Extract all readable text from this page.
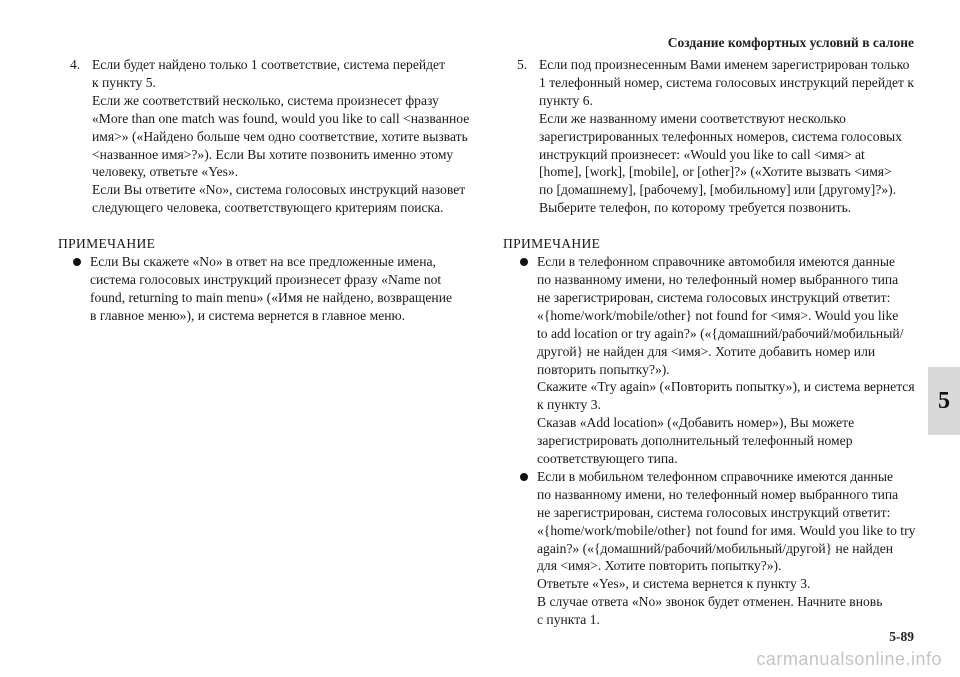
Создание комфортных условий в салоне
4. Если будет найдено только 1 соответствие, система перейдет
к пункту 5.
Если же соответствий несколько, система произнесет фразу
«More than one match was found, would you like to call <названное
имя>» («Найдено больше чем одно соответствие, хотите вызвать
<названное имя>?»). Если Вы хотите позвонить именно этому
человеку, ответьте «Yes».
Если Вы ответите «No», система голосовых инструкций назовет
следующего человека, соответствующего критериям поиска.
ПРИМЕЧАНИЕ
Если Вы скажете «No» в ответ на все предложенные имена,
система голосовых инструкций произнесет фразу «Name not
found, returning to main menu» («Имя не найдено, возвращение
в главное меню»), и система вернется в главное меню.
5. Если под произнесенным Вами именем зарегистрирован только
1 телефонный номер, система голосовых инструкций перейдет к
пункту 6.
Если же названному имени соответствуют несколько
зарегистрированных телефонных номеров, система голосовых
инструкций произнесет: «Would you like to call <имя> at
[home], [work], [mobile], or [other]?» («Хотите вызвать <имя>
по [домашнему], [рабочему], [мобильному] или [другому]?»).
Выберите телефон, по которому требуется позвонить.
ПРИМЕЧАНИЕ
Если в телефонном справочнике автомобиля имеются данные
по названному имени, но телефонный номер выбранного типа
не зарегистрирован, система голосовых инструкций ответит:
«{home/work/mobile/other} not found for <имя>. Would you like
to add location or try again?» («{домашний/рабочий/мобильный/
другой} не найден для <имя>. Хотите добавить номер или
повторить попытку?»).
Скажите «Try again» («Повторить попытку»), и система вернется
к пункту 3.
Сказав «Add location» («Добавить номер»), Вы можете
зарегистрировать дополнительный телефонный номер
соответствующего типа.
Если в мобильном телефонном справочнике имеются данные
по названному имени, но телефонный номер выбранного типа
не зарегистрирован, система голосовых инструкций ответит:
«{home/work/mobile/other} not found for имя. Would you like to try
again?» («{домашний/рабочий/мобильный/другой} не найден
для <имя>. Хотите повторить попытку?»).
Ответьте «Yes», и система вернется к пункту 3.
В случае ответа «No» звонок будет отменен. Начните вновь
с пункта 1.
5
5-89
carmanualsonline.info
